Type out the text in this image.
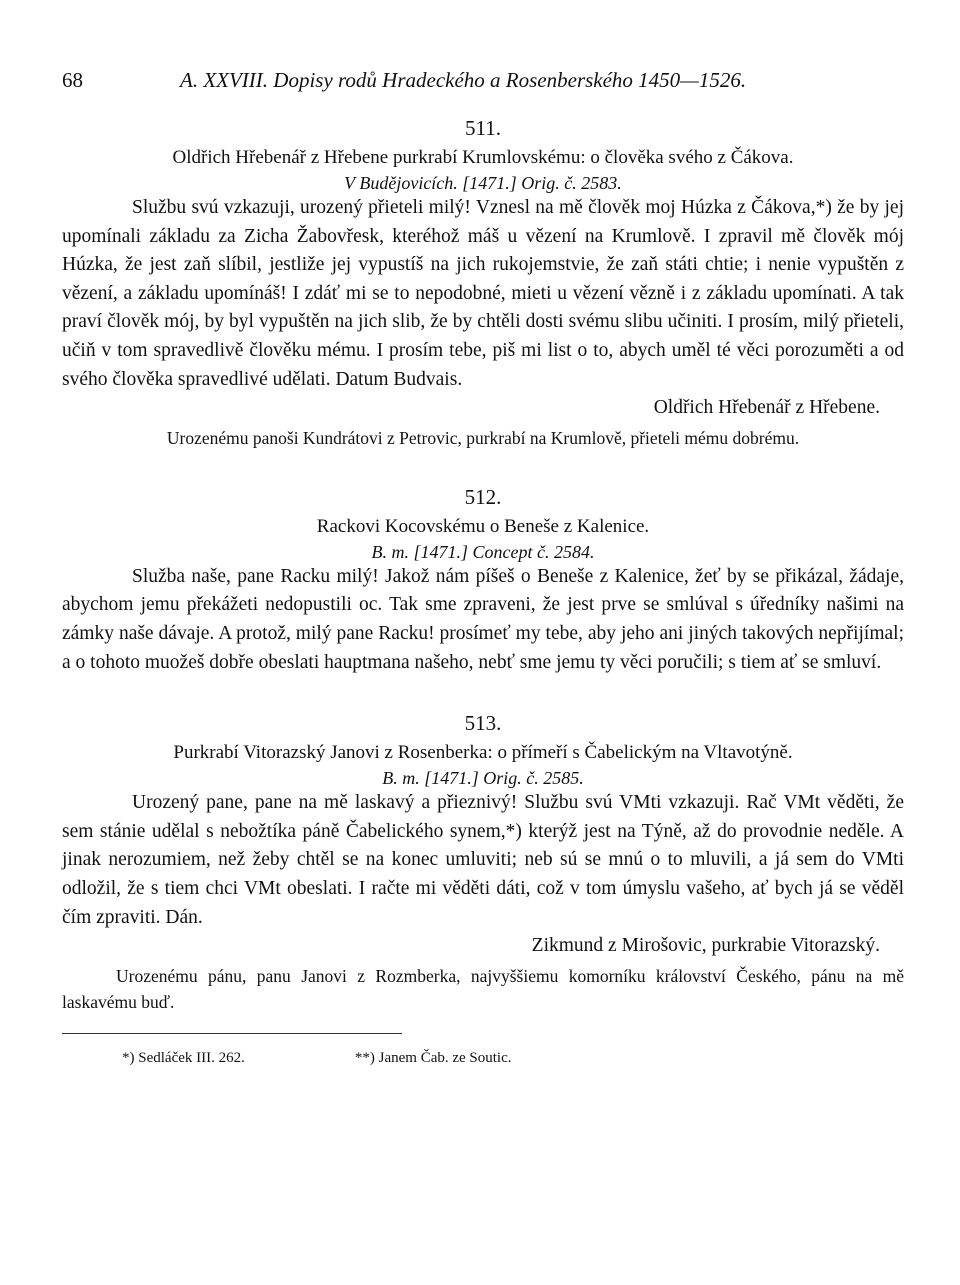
68	A. XXVIII. Dopisy rodů Hradeckého a Rosenberského 1450—1526.
511.
Oldřich Hřebenář z Hřebene purkrabí Krumlovskému: o člověka svého z Čákova.
V Budějovicích. [1471.] Orig. č. 2583.

Službu svú vzkazuji, urozený přieteli milý! Vznesl na mě člověk moj Húzka z Čákova,*) že by jej upomínali základu za Zicha Žabovřesk, kteréhož máš u vězení na Krumlově. I zpravil mě člověk mój Húzka, že jest zaň slíbil, jestliže jej vypustíš na jich rukojemstvie, že zaň státi chtie; i nenie vypuštěn z vězení, a základu upomínáš! I zdáť mi se to nepodobné, mieti u vězení vězně i z základu upomínati. A tak praví člověk mój, by byl vypuštěn na jich slib, že by chtěli dosti svému slibu učiniti. I prosím, milý přieteli, učiň v tom spravedlivě člověku mému. I prosím tebe, piš mi list o to, abych uměl té věci porozuměti a od svého člověka spravedlivé udělati. Datum Budvais.

Oldřich Hřebenář z Hřebene.

Urozenému panoši Kundrátovi z Petrovic, purkrabí na Krumlově, přieteli mému dobrému.
512.
Rackovi Kocovskému o Beneše z Kalenice.
B. m. [1471.] Concept č. 2584.

Služba naše, pane Racku milý! Jakož nám píšeš o Beneše z Kalenice, žeť by se přikázal, žádaje, abychom jemu překážeti nedopustili oc. Tak sme zpraveni, že jest prve se smlúval s úředníky našimi na zámky naše dávaje. A protož, milý pane Racku! prosímeť my tebe, aby jeho ani jiných takových nepřijímal; a o tohoto muožeš dobře obeslati hauptmana našeho, nebť sme jemu ty věci poručili; s tiem ať se smluví.

513.
Purkrabí Vitorazský Janovi z Rosenberka: o přímeří s Čabelickým na Vltavotýně.
B. m. [1471.] Orig. č. 2585.

Urozený pane, pane na mě laskavý a přieznivý! Službu svú VMti vzkazuji. Rač VMt věděti, že sem stánie udělal s nebožtíka páně Čabelického synem,*) kterýž jest na Týně, až do provodnie neděle. A jinak nerozumiem, než žeby chtěl se na konec umluviti; neb sú se mnú o to mluvili, a já sem do VMti odložil, že s tiem chci VMt obeslati. I račte mi věděti dáti, což v tom úmyslu vašeho, ať bych já se věděl čím zpraviti. Dán.

Zikmund z Mirošovic, purkrabie Vitorazský.

Urozenému pánu, panu Janovi z Rozmberka, najvyššiemu komorníku království Českého, pánu na mě laskavému buď.
*) Sedláček III. 262.	**) Janem Čab. ze Soutic.
